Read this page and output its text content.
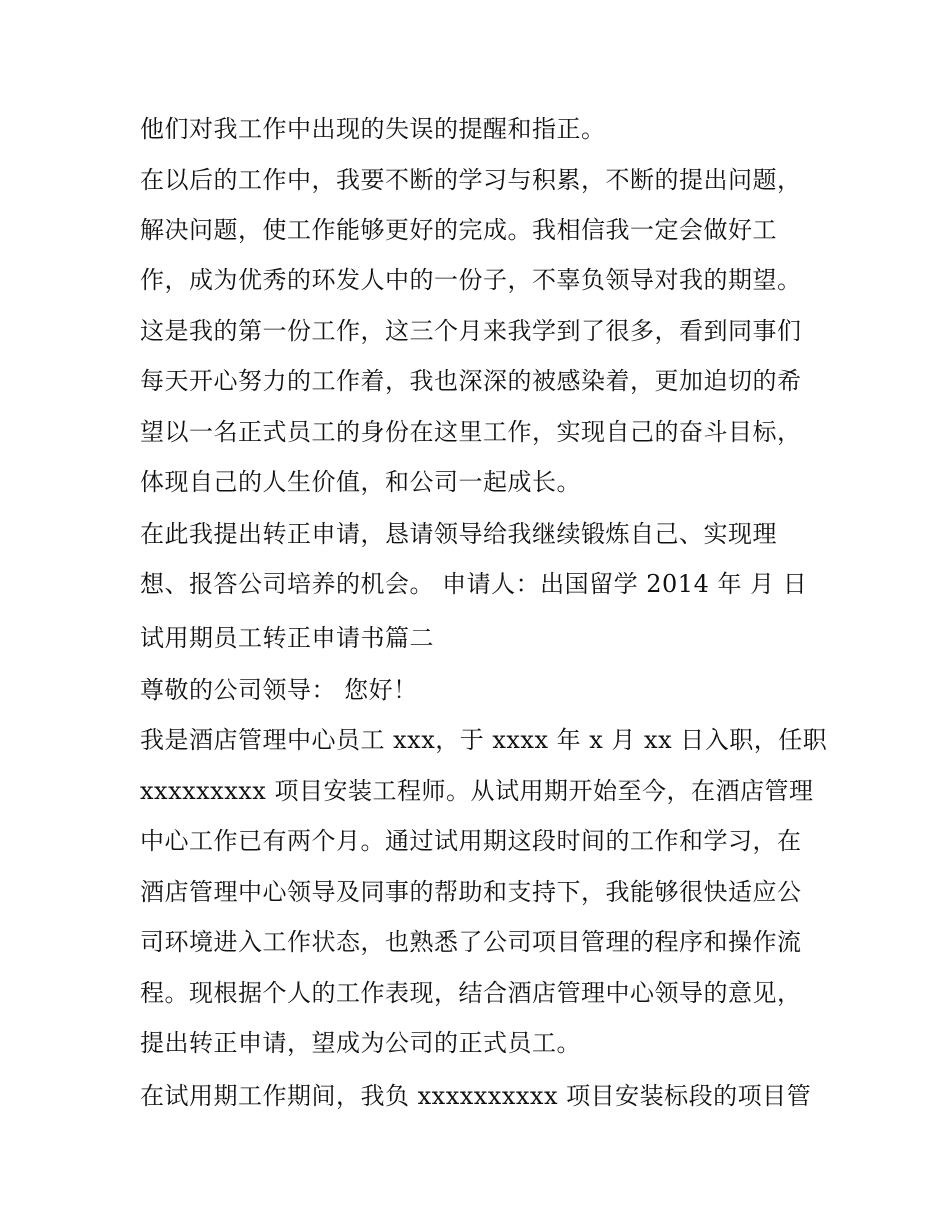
他们对我工作中出现的失误的提醒和指正。
在以后的工作中，我要不断的学习与积累，不断的提出问题，
解决问题，使工作能够更好的完成。我相信我一定会做好工
作，成为优秀的环发人中的一份子，不辜负领导对我的期望。
这是我的第一份工作，这三个月来我学到了很多，看到同事们
每天开心努力的工作着，我也深深的被感染着，更加迫切的希
望以一名正式员工的身份在这里工作，实现自己的奋斗目标，
体现自己的人生价值，和公司一起成长。
在此我提出转正申请，恳请领导给我继续锻炼自己、实现理
想、报答公司培养的机会。 申请人：出国留学 2014 年 月 日
试用期员工转正申请书篇二
尊敬的公司领导： 您好！
我是酒店管理中心员工 xxx，于 xxxx 年 x 月 xx 日入职，任职
xxxxxxxxx 项目安装工程师。从试用期开始至今，在酒店管理
中心工作已有两个月。通过试用期这段时间的工作和学习，在
酒店管理中心领导及同事的帮助和支持下，我能够很快适应公
司环境进入工作状态，也熟悉了公司项目管理的程序和操作流
程。现根据个人的工作表现，结合酒店管理中心领导的意见，
提出转正申请，望成为公司的正式员工。
在试用期工作期间，我负 xxxxxxxxxx 项目安装标段的项目管
